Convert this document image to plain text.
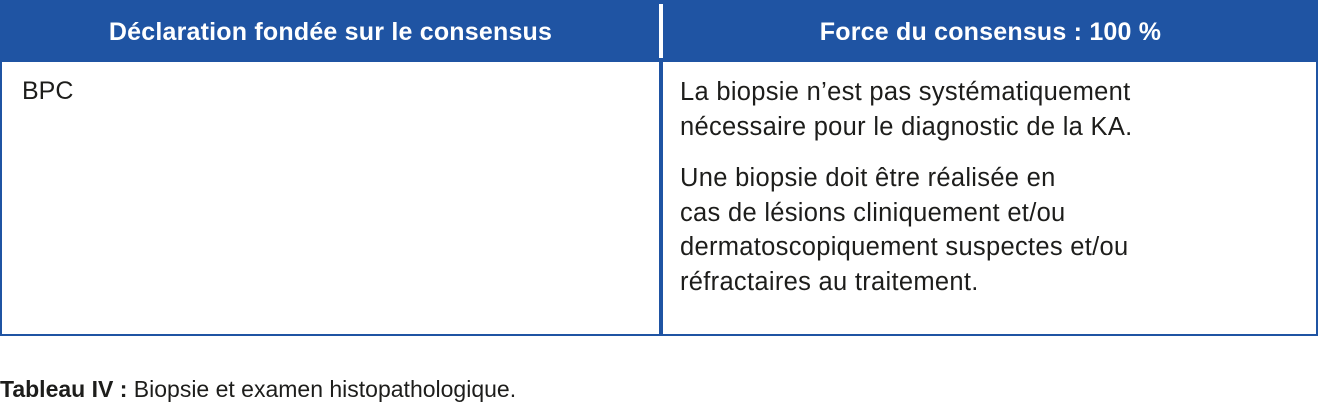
Déclaration fondée sur le consensus	Force du consensus : 100 %
BPC	La biopsie n’est pas systématiquement
nécessaire pour le diagnostic de la KA.

Une biopsie doit être réalisée en
cas de lésions cliniquement et/ou
dermatoscopiquement suspectes et/ou
réfractaires au traitement.

Tableau IV : Biopsie et examen histopathologique.
